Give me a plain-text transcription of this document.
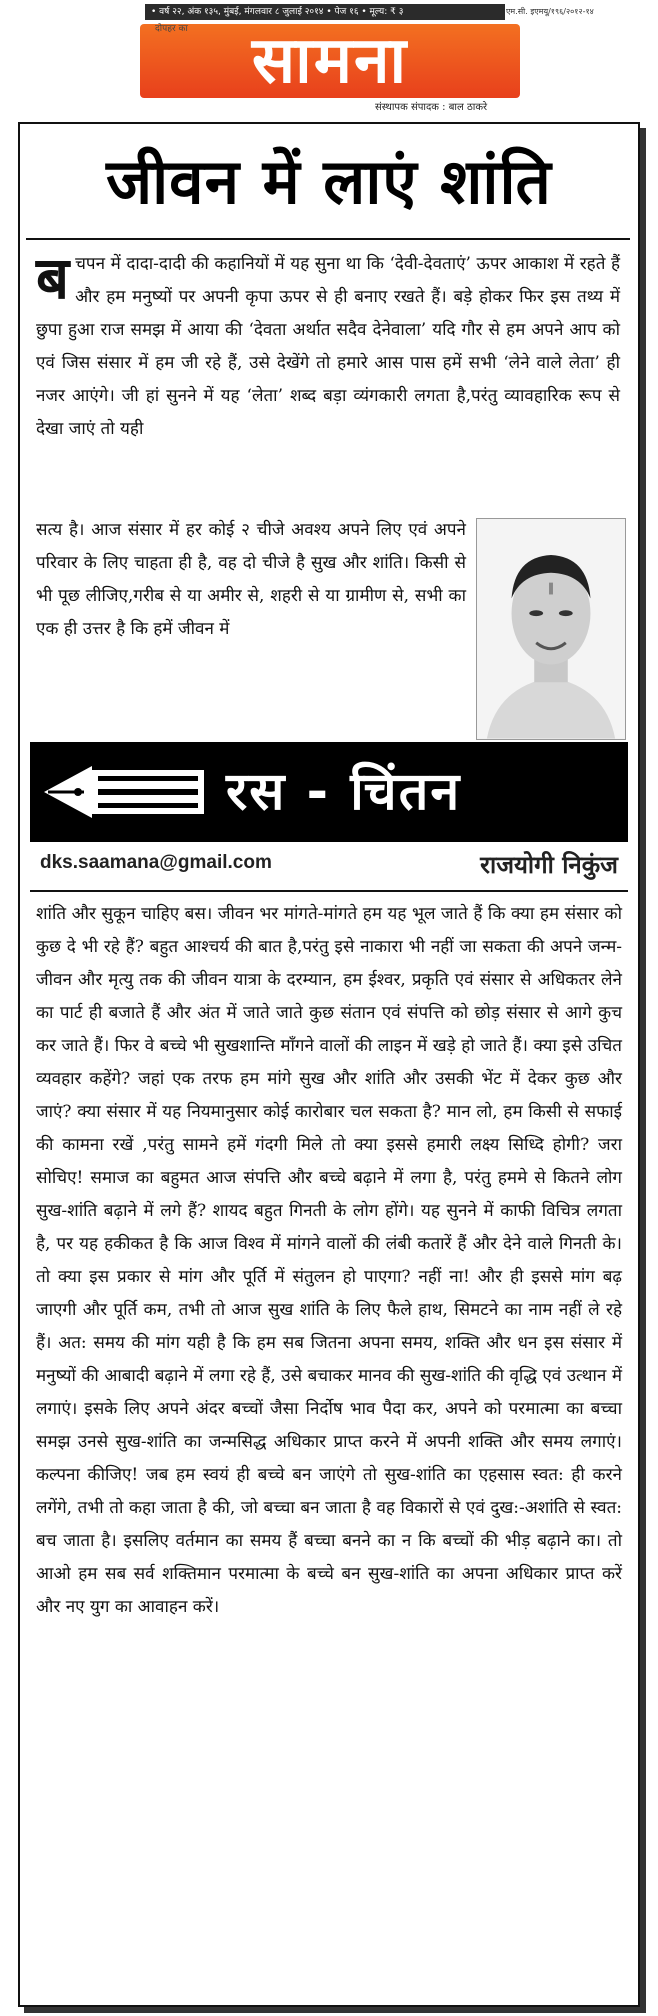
• वर्ष २२, अंक १३५, मुंबई, मंगलवार ८ जुलाई २०१४ • पेज १६ • मूल्य: ₹ ३	एम.सी. इएमयू/१९६/२०१२-१४
सामना
दोपहर का
संस्थापक संपादक : बाल ठाकरे
जीवन में लाएं शांति
ब चपन में दादा-दादी की कहानियों में यह सुना था कि ‘देवी-देवताएं’ ऊपर आकाश में रहते हैं और हम मनुष्यों पर अपनी कृपा ऊपर से ही बनाए रखते हैं। बड़े होकर फिर इस तथ्य में छुपा हुआ राज समझ में आया की ‘देवता अर्थात सदैव देनेवाला’ यदि गौर से हम अपने आप को एवं जिस संसार में हम जी रहे हैं, उसे देखेंगे तो हमारे आस पास हमें सभी ‘लेने वाले लेता’ ही नजर आएंगे। जी हां सुनने में यह ‘लेता’ शब्द बड़ा व्यंगकारी लगता है,परंतु व्यावहारिक रूप से देखा जाएं तो यही
सत्य है। आज संसार में हर कोई २ चीजे अवश्य अपने लिए एवं अपने परिवार के लिए चाहता ही है, वह दो चीजे है सुख और शांति। किसी से भी पूछ लीजिए,गरीब से या अमीर से, शहरी से या ग्रामीण से, सभी का एक ही उत्तर है कि हमें जीवन में
रस - चिंतन
dks.saamana@gmail.com	राजयोगी निकुंज
शांति और सुकून चाहिए बस। जीवन भर मांगते-मांगते हम यह भूल जाते हैं कि क्या हम संसार को कुछ दे भी रहे हैं? बहुत आश्चर्य की बात है,परंतु इसे नाकारा भी नहीं जा सकता की अपने जन्म-जीवन और मृत्यु तक की जीवन यात्रा के दरम्यान, हम ईश्वर, प्रकृति एवं संसार से अधिकतर लेने का पार्ट ही बजाते हैं और अंत में जाते जाते कुछ संतान एवं संपत्ति को छोड़ संसार से आगे कुच कर जाते हैं। फिर वे बच्चे भी सुखशान्ति माँगने वालों की लाइन में खड़े हो जाते हैं। क्या इसे उचित व्यवहार कहेंगे? जहां एक तरफ हम मांगे सुख और शांति और उसकी भेंट में देकर कुछ और जाएं? क्या संसार में यह नियमानुसार कोई कारोबार चल सकता है? मान लो, हम किसी से सफाई की कामना रखें ,परंतु सामने हमें गंदगी मिले तो क्या इससे हमारी लक्ष्य सिध्दि होगी? जरा सोचिए! समाज का बहुमत आज संपत्ति और बच्चे बढ़ाने में लगा है, परंतु हममे से कितने लोग सुख-शांति बढ़ाने में लगे हैं? शायद बहुत गिनती के लोग होंगे। यह सुनने में काफी विचित्र लगता है, पर यह हकीकत है कि आज विश्व में मांगने वालों की लंबी कतारें हैं और देने वाले गिनती के। तो क्या इस प्रकार से मांग और पूर्ति में संतुलन हो पाएगा? नहीं ना! और ही इससे मांग बढ़ जाएगी और पूर्ति कम, तभी तो आज सुख शांति के लिए फैले हाथ, सिमटने का नाम नहीं ले रहे हैं। अत: समय की मांग यही है कि हम सब जितना अपना समय, शक्ति और धन इस संसार में मनुष्यों की आबादी बढ़ाने में लगा रहे हैं, उसे बचाकर मानव की सुख-शांति की वृद्धि एवं उत्थान में लगाएं। इसके लिए अपने अंदर बच्चों जैसा निर्दोष भाव पैदा कर, अपने को परमात्मा का बच्चा समझ उनसे सुख-शांति का जन्मसिद्ध अधिकार प्राप्त करने में अपनी शक्ति और समय लगाएं। कल्पना कीजिए! जब हम स्वयं ही बच्चे बन जाएंगे तो सुख-शांति का एहसास स्वत: ही करने लगेंगे, तभी तो कहा जाता है की, जो बच्चा बन जाता है वह विकारों से एवं दुख:-अशांति से स्वत: बच जाता है। इसलिए वर्तमान का समय हैं बच्चा बनने का न कि बच्चों की भीड़ बढ़ाने का। तो आओ हम सब सर्व शक्तिमान परमात्मा के बच्चे बन सुख-शांति का अपना अधिकार प्राप्त करें और नए युग का आवाहन करें।
